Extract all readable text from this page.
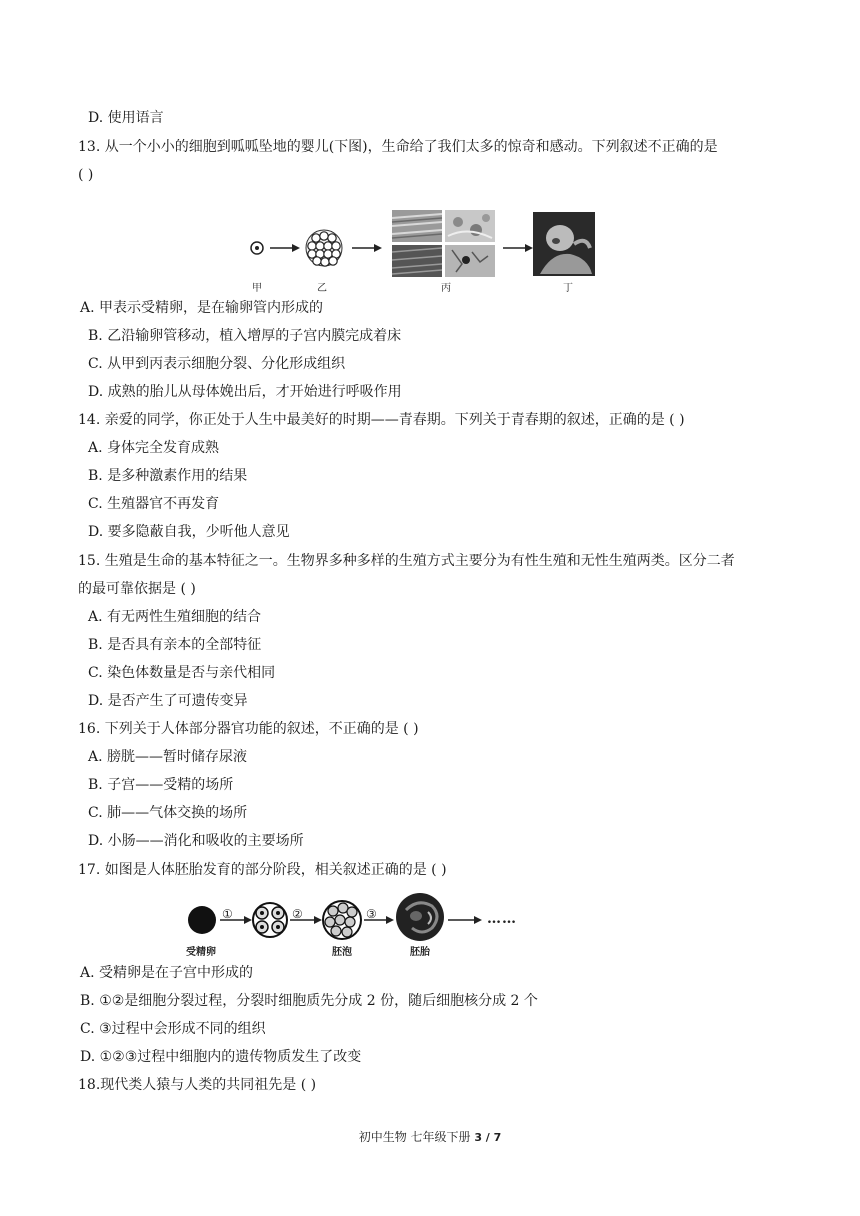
D. 使用语言
13. 从一个小小的细胞到呱呱坠地的婴儿(下图)，生命给了我们太多的惊奇和感动。下列叙述不正确的是
( )
甲	乙	丙	丁
A. 甲表示受精卵，是在输卵管内形成的
B. 乙沿输卵管移动，植入增厚的子宫内膜完成着床
C. 从甲到丙表示细胞分裂、分化形成组织
D. 成熟的胎儿从母体娩出后，才开始进行呼吸作用
14. 亲爱的同学，你正处于人生中最美好的时期——青春期。下列关于青春期的叙述，正确的是 ( )
A. 身体完全发育成熟
B. 是多种激素作用的结果
C. 生殖器官不再发育
D. 要多隐蔽自我，少听他人意见
15. 生殖是生命的基本特征之一。生物界多种多样的生殖方式主要分为有性生殖和无性生殖两类。区分二者
的最可靠依据是 ( )
A. 有无两性生殖细胞的结合
B. 是否具有亲本的全部特征
C. 染色体数量是否与亲代相同
D. 是否产生了可遗传变异
16. 下列关于人体部分器官功能的叙述，不正确的是 ( )
A. 膀胱——暂时储存尿液
B. 子宫——受精的场所
C. 肺——气体交换的场所
D. 小肠——消化和吸收的主要场所
17. 如图是人体胚胎发育的部分阶段，相关叙述正确的是 ( )
①	②	③	……
受精卵	胚泡	胚胎
A. 受精卵是在子宫中形成的
B. ①②是细胞分裂过程，分裂时细胞质先分成 2 份，随后细胞核分成 2 个
C. ③过程中会形成不同的组织
D. ①②③过程中细胞内的遗传物质发生了改变
18.现代类人猿与人类的共同祖先是 ( )
初中生物 七年级下册 3 / 7
